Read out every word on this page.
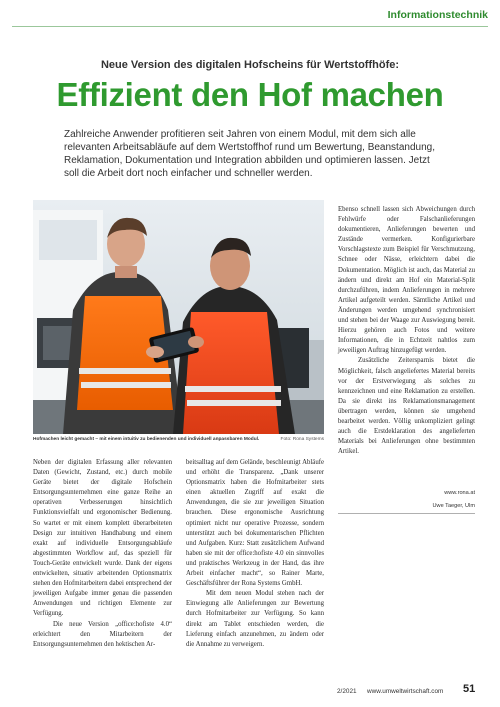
Informationstechnik
Neue Version des digitalen Hofscheins für Wertstoffhöfe:
Effizient den Hof machen
Zahlreiche Anwender profitieren seit Jahren von einem Modul, mit dem sich alle relevanten Arbeitsabläufe auf dem Wertstoffhof rund um Bewertung, Beanstandung, Reklamation, Dokumentation und Integration abbilden und optimieren lassen. Jetzt soll die Arbeit dort noch einfacher und schneller werden.
Hofmachen leicht gemacht – mit einem intuitiv zu bedienenden und individuell anpassbaren Modul.	Foto: Rona Systems

Neben der digitalen Erfassung aller relevanten Daten (Gewicht, Zustand, etc.) durch mobile Geräte bietet der digitale Hofschein Entsorgungsunternehmen eine ganze Reihe an operativen Verbesserungen hinsichtlich Funktionsvielfalt und ergonomischer Bedienung. So wartet er mit einem komplett überarbeiteten Design zur intuitiven Handhabung und einem exakt auf individuelle Entsorgungsabläufe abgestimmten Workflow auf, das speziell für Touch-Geräte entwickelt wurde. Dank der eigens entwickelten, situativ arbeitenden Optionsmatrix stehen den Hofmitarbeitern dabei entsprechend der jeweiligen Aufgabe immer genau die passenden Anwendungen und richtigen Elemente zur Verfügung.

Die neue Version „office:hofiste 4.0“ erleichtert den Mitarbeitern der Entsorgungsunternehmen den hektischen Ar-

beitsalltag auf dem Gelände, beschleunigt Abläufe und erhöht die Transparenz. „Dank unserer Optionsmatrix haben die Hofmitarbeiter stets einen aktuellen Zugriff auf exakt die Anwendungen, die sie zur jeweiligen Situation brauchen. Diese ergonomische Ausrichtung optimiert nicht nur operative Prozesse, sondern unterstützt auch bei dokumentarischen Pflichten und Aufgaben. Kurz: Statt zusätzlichem Aufwand haben sie mit der office:hofiste 4.0 ein sinnvolles und praktisches Werkzeug in der Hand, das ihre Arbeit einfacher macht“, so Rainer Marte, Geschäftsführer der Rona Systems GmbH.

Mit dem neuen Modul stehen nach der Einwiegung alle Anlieferungen zur Bewertung durch Hofmitarbeiter zur Verfügung. So kann direkt am Tablet entschieden werden, die Lieferung einfach anzunehmen, zu ändern oder die Annahme zu verweigern.

Ebenso schnell lassen sich Abweichungen durch Fehlwürfe oder Falschanlieferungen dokumentieren, Anlieferungen bewerten und Zustände vermerken. Konfigurierbare Vorschlagstexte zum Beispiel für Verschmutzung, Schnee oder Nässe, erleichtern dabei die Dokumentation. Möglich ist auch, das Material zu ändern und direkt am Hof ein Material-Split durchzuführen, indem Anlieferungen in mehrere Artikel aufgeteilt werden. Sämtliche Artikel und Änderungen werden umgehend synchronisiert und stehen bei der Waage zur Auswiegung bereit. Hierzu gehören auch Fotos und weitere Informationen, die in Echtzeit nahtlos zum jeweiligen Auftrag hinzugefügt werden.

Zusätzliche Zeitersparnis bietet die Möglichkeit, falsch angeliefertes Material bereits vor der Erstverwiegung als solches zu kennzeichnen und eine Reklamation zu erstellen. Da sie direkt ins Reklamationsmanagement übertragen werden, können sie umgehend bearbeitet werden. Völlig unkompliziert gelingt auch die Erstdeklaration des angelieferten Materials bei Anlieferungen ohne bestimmten Artikel.

www.rona.at
Uwe Taeger, Ulm
2/2021 www.umweltwirtschaft.com 51
